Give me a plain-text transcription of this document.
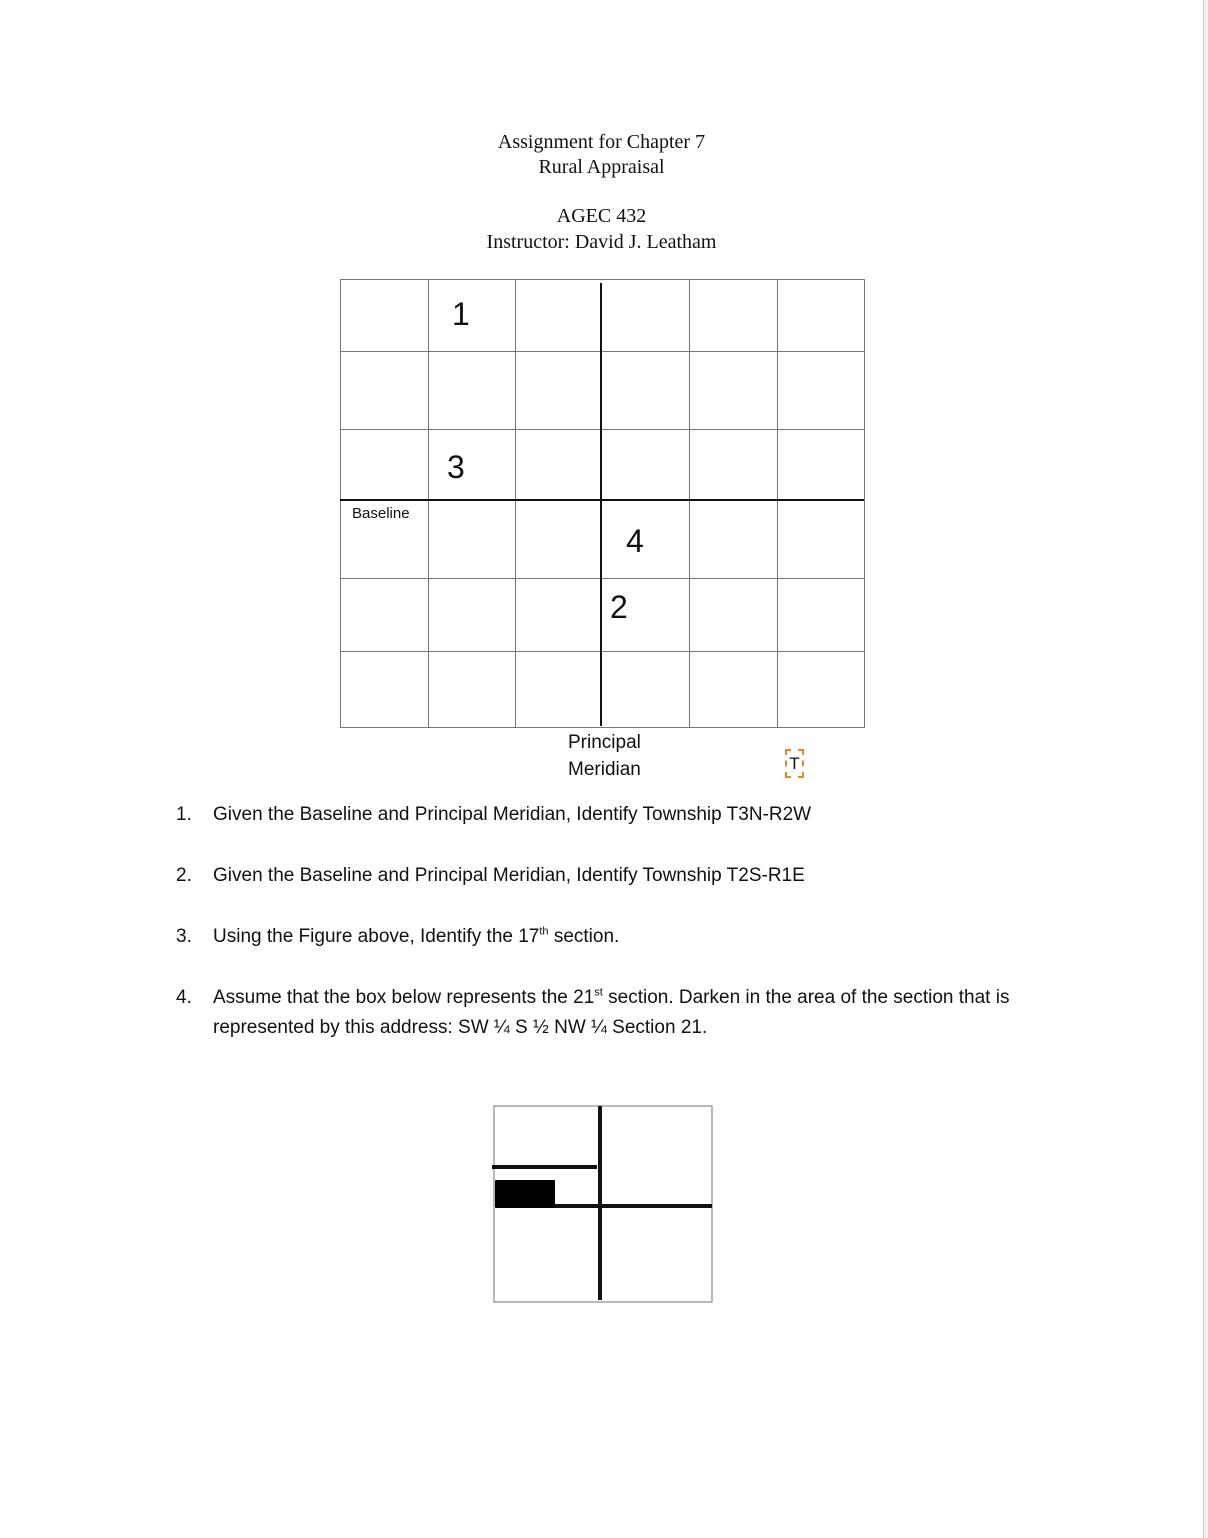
Assignment for Chapter 7
Rural Appraisal
AGEC 432
Instructor: David J. Leatham
1
3
4
2
Baseline
Principal
Meridian	T
1.	Given the Baseline and Principal Meridian, Identify Township T3N-R2W
2.	Given the Baseline and Principal Meridian, Identify Township T2S-R1E
3.	Using the Figure above, Identify the 17th section.
4.	Assume that the box below represents the 21st section. Darken in the area of the section that is
represented by this address: SW ¼ S ½ NW ¼ Section 21.
